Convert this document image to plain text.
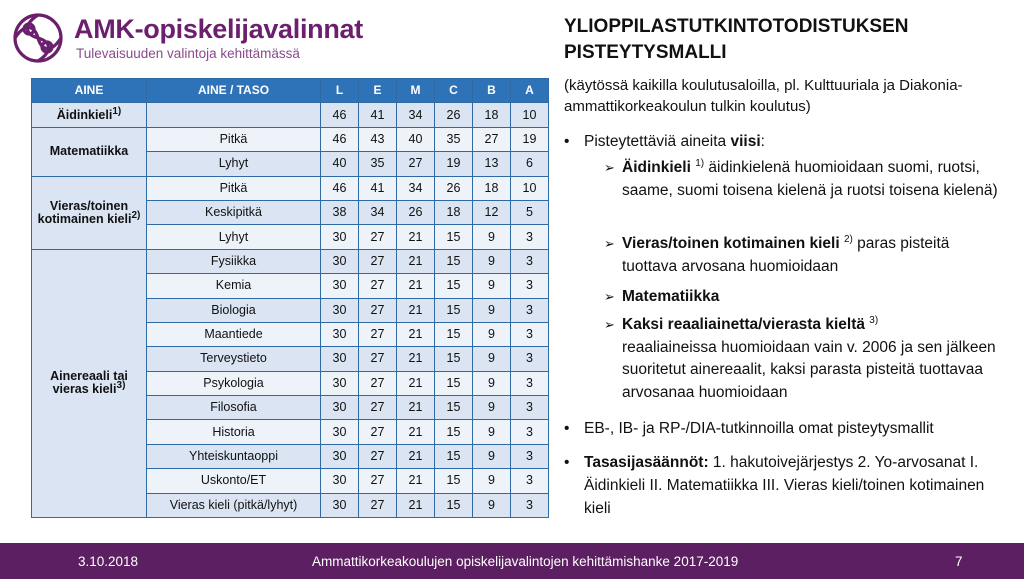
AMK-opiskelijavalinnat
Tulevaisuuden valintoja kehittämässä
AINE	AINE / TASO	L	E	M	C	B	A
Äidinkieli$^{1)}$		46	41	34	26	18	10
Matematiikka	Pitkä	46	43	40	35	27	19
	Lyhyt	40	35	27	19	13	6
Vieras/toinen
kotimainen kieli$^{2)}$	Pitkä	46	41	34	26	18	10
	Keskipitkä	38	34	26	18	12	5
	Lyhyt	30	27	21	15	9	3
Ainereaali tai
vieras kieli$^{3)}$	Fysiikka	30	27	21	15	9	3
	Kemia	30	27	21	15	9	3
	Biologia	30	27	21	15	9	3
	Maantiede	30	27	21	15	9	3
	Terveystieto	30	27	21	15	9	3
	Psykologia	30	27	21	15	9	3
	Filosofia	30	27	21	15	9	3
	Historia	30	27	21	15	9	3
	Yhteiskuntaoppi	30	27	21	15	9	3
	Uskonto/ET	30	27	21	15	9	3
	Vieras kieli (pitkä/lyhyt)	30	27	21	15	9	3
YLIOPPILASTUTKINTOTODISTUKSEN
PISTEYTYSMALLI
(käytössä kaikilla koulutusaloilla, pl. Kulttuuriala ja Diakonia-ammattikorkeakoulun tulkin koulutus)
• Pisteytettäviä aineita viisi:
➢ Äidinkieli $^{1)}$ äidinkielenä huomioidaan suomi, ruotsi, saame, suomi toisena kielenä ja ruotsi toisena kielenä)
➢ Vieras/toinen kotimainen kieli $^{2)}$ paras pisteitä tuottava arvosana huomioidaan
➢ Matematiikka
➢ Kaksi reaaliainetta/vierasta kieltä $^{3)}$
reaaliaineissa huomioidaan vain v. 2006 ja sen jälkeen suoritetut ainereaalit, kaksi parasta pisteitä tuottavaa arvosanaa huomioidaan
• EB-, IB- ja RP-/DIA-tutkinnoilla omat pisteytysmallit
• Tasasijasäännöt: 1. hakutoivejärjestys 2. Yo-arvosanat I. Äidinkieli II. Matematiikka III. Vieras kieli/toinen kotimainen kieli
3.10.2018	Ammattikorkeakoulujen opiskelijavalintojen kehittämishanke 2017-2019	7
